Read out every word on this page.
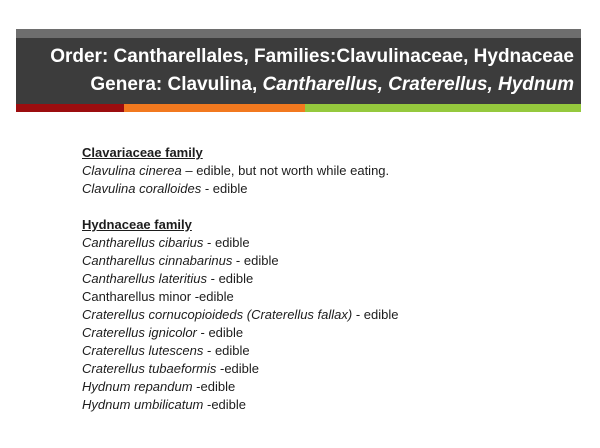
Order: Cantharellales, Families:Clavulinaceae, Hydnaceae
Genera: Clavulina, Cantharellus, Craterellus, Hydnum
Clavariaceae family
Clavulina cinerea – edible, but not worth while eating.
Clavulina coralloides - edible
Hydnaceae family
Cantharellus cibarius - edible
Cantharellus cinnabarinus - edible
Cantharellus lateritius - edible
Cantharellus minor -edible
Craterellus cornucopioideds (Craterellus fallax) - edible
Craterellus ignicolor - edible
Craterellus lutescens - edible
Craterellus tubaeformis -edible
Hydnum repandum -edible
Hydnum umbilicatum -edible
